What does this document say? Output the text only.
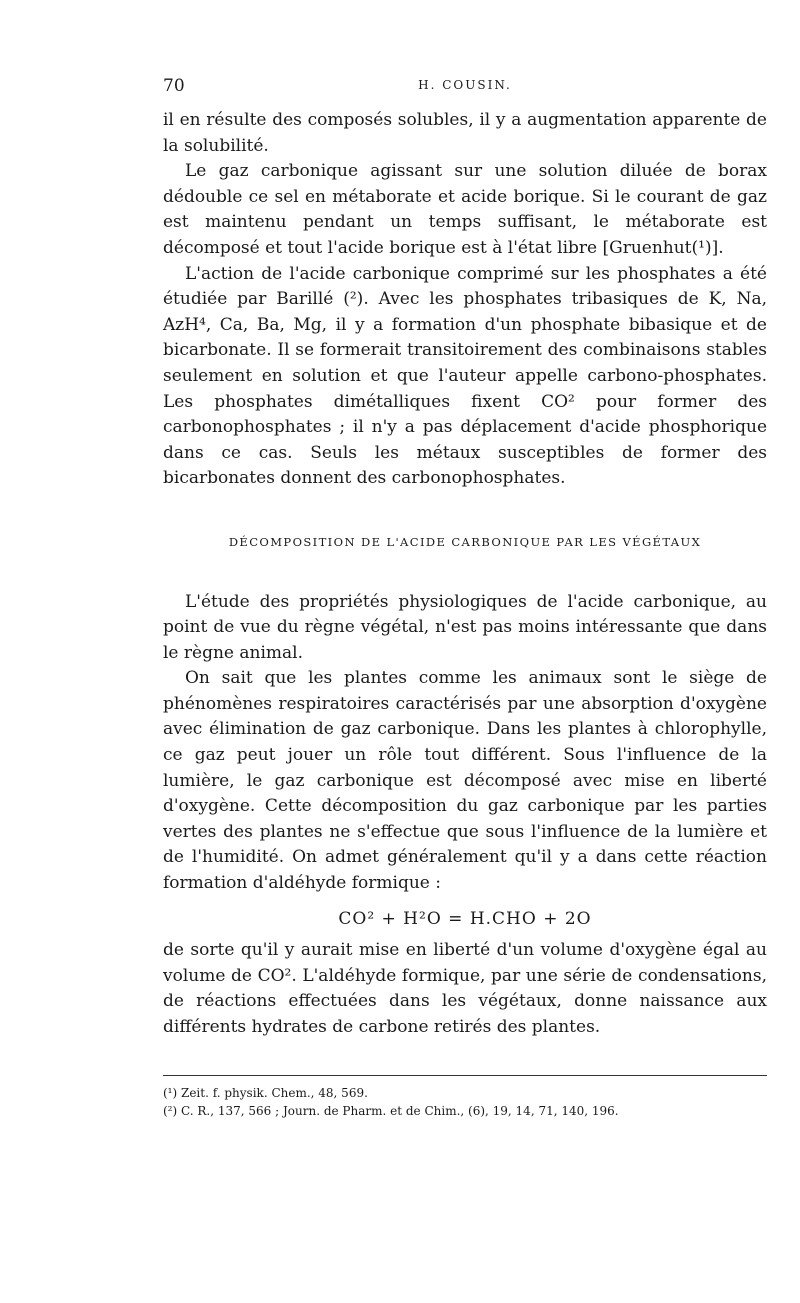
70	H. COUSIN.

il en résulte des composés solubles, il y a augmentation apparente de la solubilité.

Le gaz carbonique agissant sur une solution diluée de borax dédouble ce sel en métaborate et acide borique. Si le courant de gaz est maintenu pendant un temps suffisant, le métaborate est décomposé et tout l'acide borique est à l'état libre [Gruenhut(¹)].

L'action de l'acide carbonique comprimé sur les phosphates a été étudiée par Barillé (²). Avec les phosphates tribasiques de K, Na, AzH⁴, Ca, Ba, Mg, il y a formation d'un phosphate bibasique et de bicarbonate. Il se formerait transitoirement des combinaisons stables seulement en solution et que l'auteur appelle carbono-phosphates. Les phosphates dimétalliques fixent CO² pour former des carbonophosphates ; il n'y a pas déplacement d'acide phosphorique dans ce cas. Seuls les métaux susceptibles de former des bicarbonates donnent des carbonophosphates.

DÉCOMPOSITION DE L'ACIDE CARBONIQUE PAR LES VÉGÉTAUX

L'étude des propriétés physiologiques de l'acide carbonique, au point de vue du règne végétal, n'est pas moins intéressante que dans le règne animal.

On sait que les plantes comme les animaux sont le siège de phénomènes respiratoires caractérisés par une absorption d'oxygène avec élimination de gaz carbonique. Dans les plantes à chlorophylle, ce gaz peut jouer un rôle tout différent. Sous l'influence de la lumière, le gaz carbonique est décomposé avec mise en liberté d'oxygène. Cette décomposition du gaz carbonique par les parties vertes des plantes ne s'effectue que sous l'influence de la lumière et de l'humidité. On admet généralement qu'il y a dans cette réaction formation d'aldéhyde formique :

CO² + H²O = H.CHO + 2O

de sorte qu'il y aurait mise en liberté d'un volume d'oxygène égal au volume de CO². L'aldéhyde formique, par une série de condensations, de réactions effectuées dans les végétaux, donne naissance aux différents hydrates de carbone retirés des plantes.

(¹) Zeit. f. physik. Chem., 48, 569.
(²) C. R., 137, 566 ; Journ. de Pharm. et de Chim., (6), 19, 14, 71, 140, 196.
